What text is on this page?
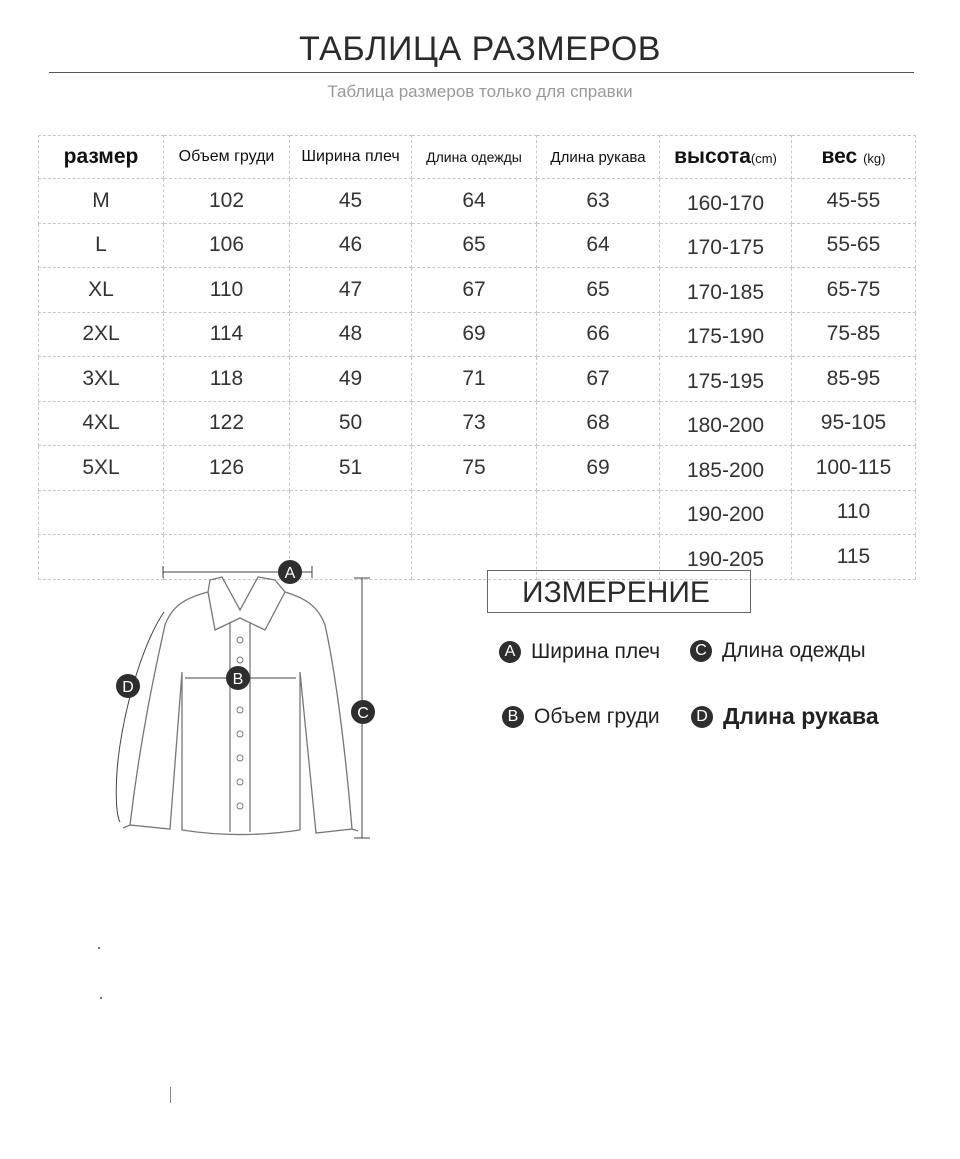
ТАБЛИЦА РАЗМЕРОВ
Таблица размеров только для справки
размер	Объем груди	Ширина плеч	Длина одежды	Длина рукава	высота(cm)	вес (kg)
M	102	45	64	63	160-170	45-55
L	106	46	65	64	170-175	55-65
XL	110	47	67	65	170-185	65-75
2XL	114	48	69	66	175-190	75-85
3XL	118	49	71	67	175-195	85-95
4XL	122	50	73	68	180-200	95-105
5XL	126	51	75	69	185-200	100-115
					190-200	110
					190-205	115
A
B
C
D
ИЗМЕРЕНИЕ
A Ширина плеч	C Длина одежды
B Объем груди	D Длина рукава
